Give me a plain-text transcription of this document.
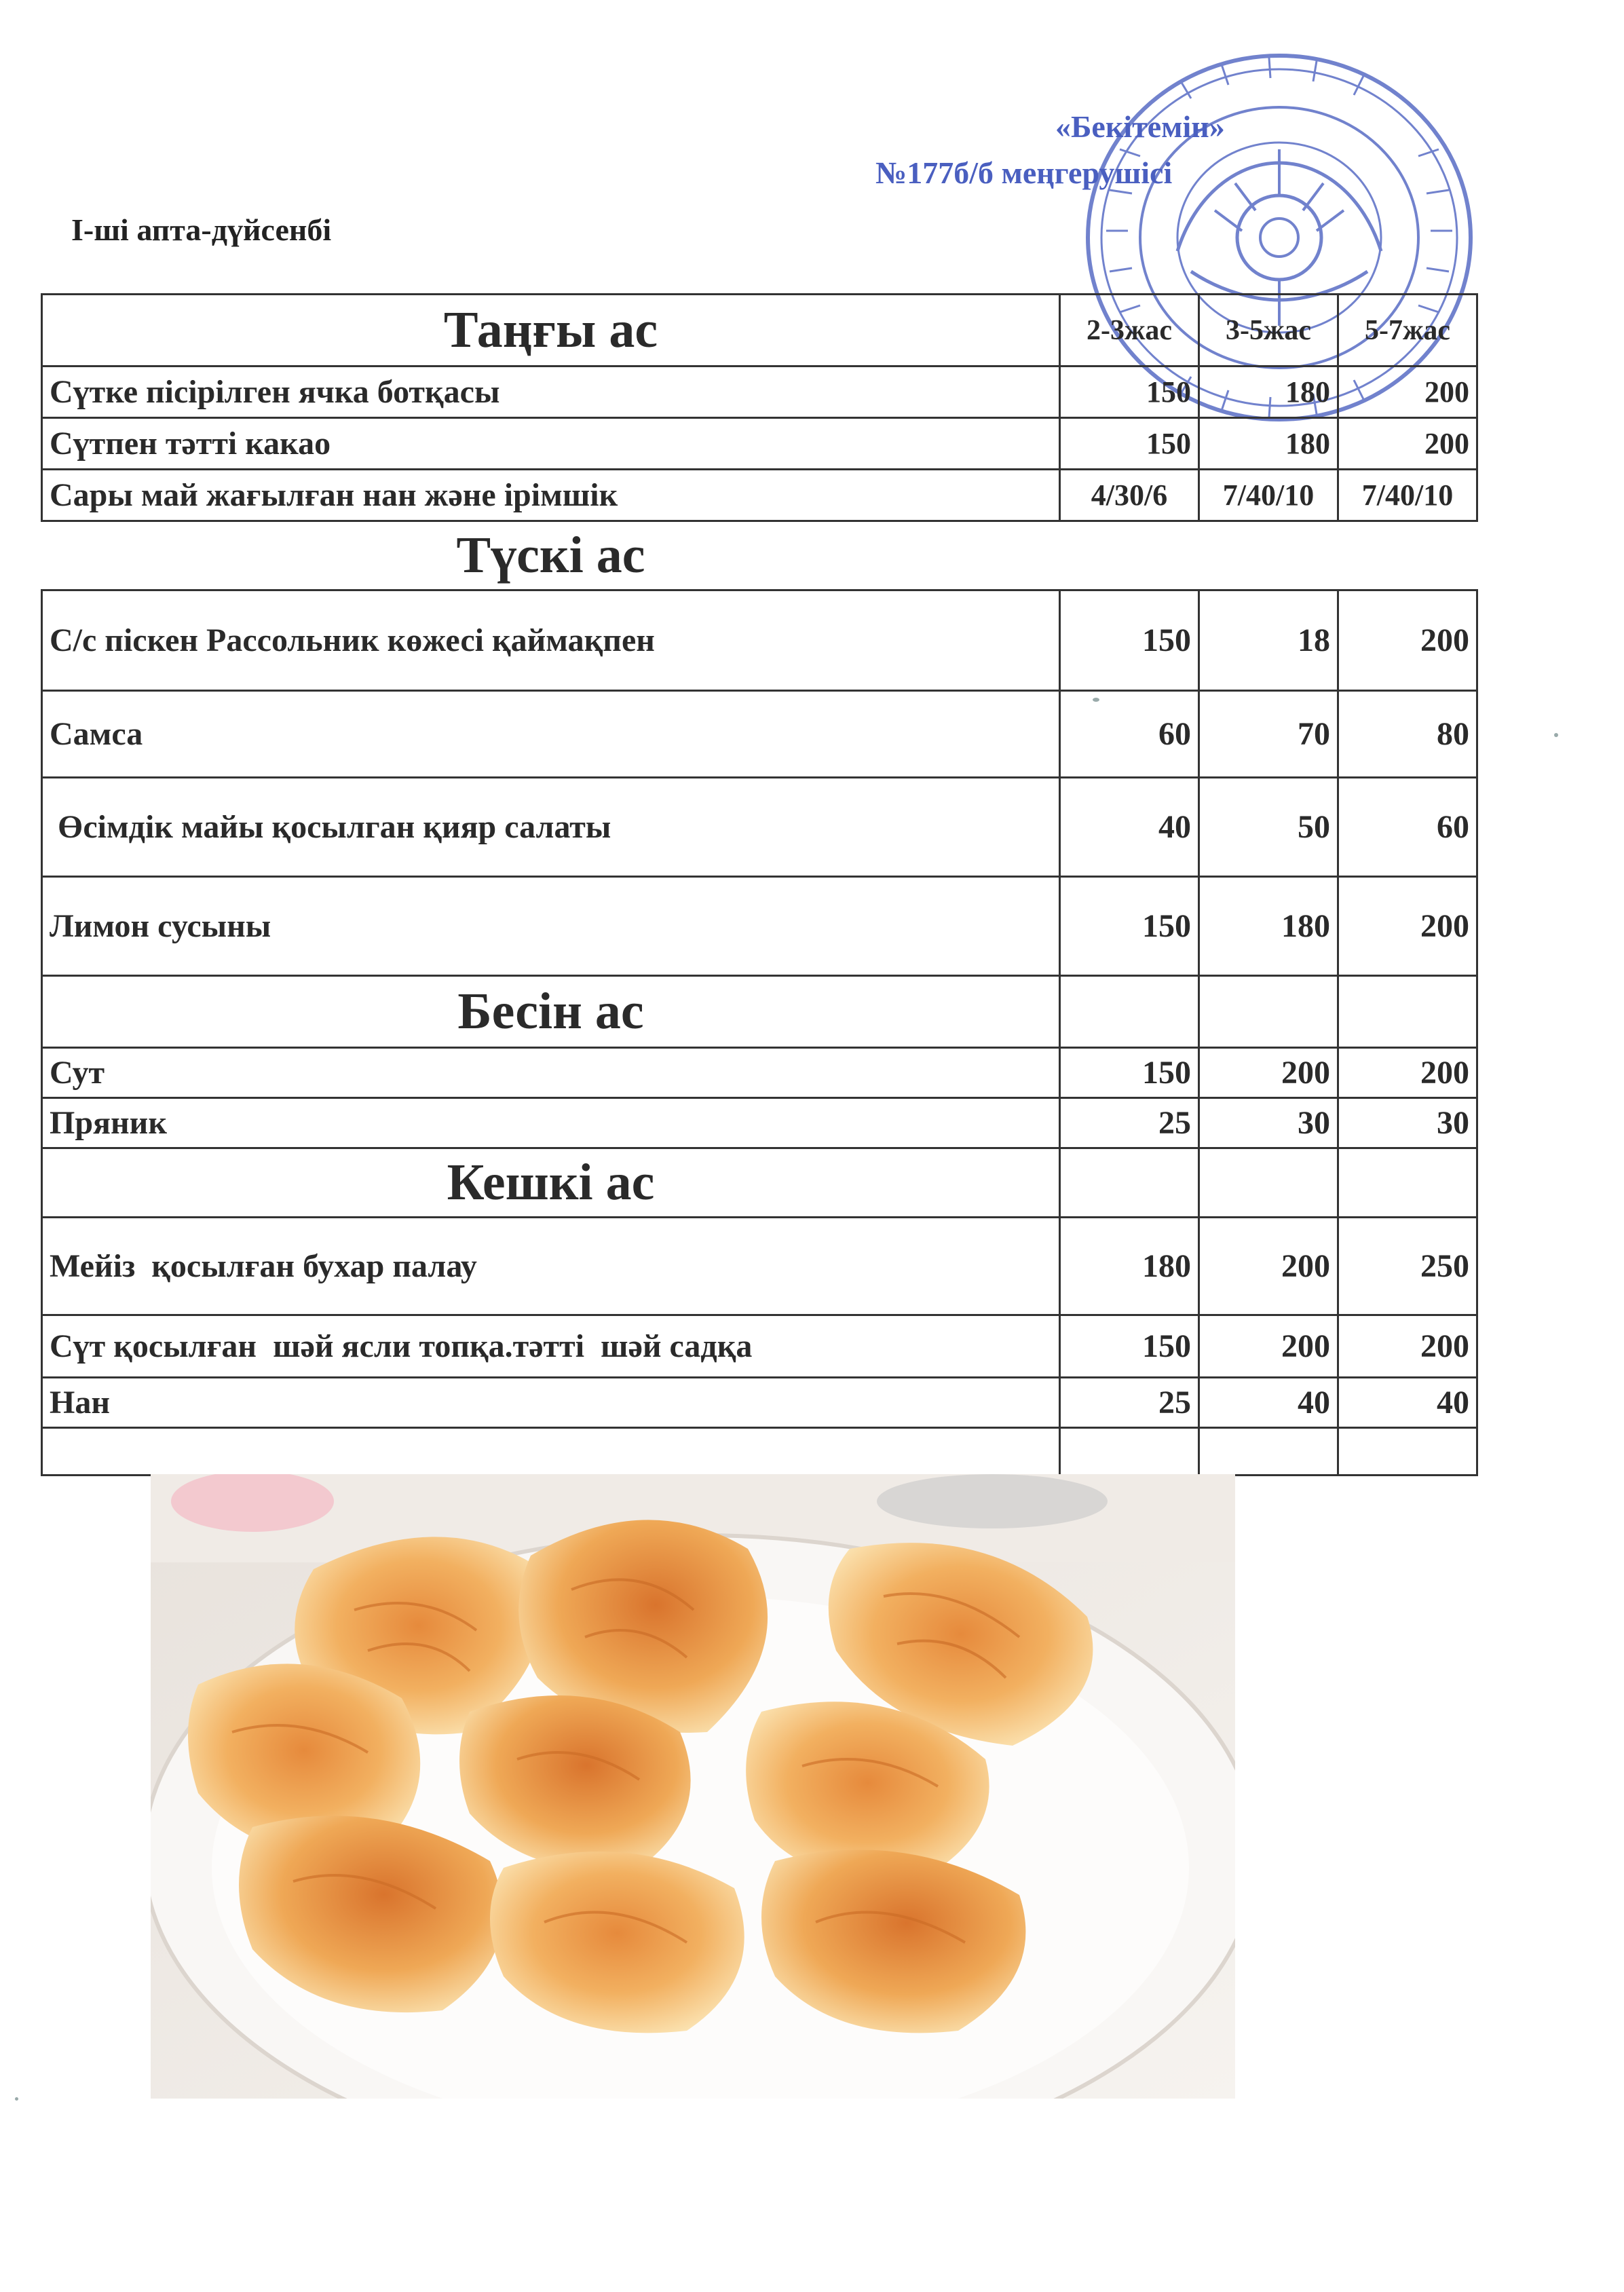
«Бекітемін»
№177б/б меңгерушісі
І-ші апта-дүйсенбі
Таңғы ас	2-3жас	3-5жас	5-7жас
Сүтке пісірілген ячка ботқасы	150	180	200
Сүтпен тәтті какао	150	180	200
Сары май жағылған нан және ірімшік	4/30/6	7/40/10	7/40/10
Түскі ас			
С/с піскен Рассольник көжесі қаймақпен	150	18	200
Самса	60	70	80
Өсімдік майы қосылган қияр салаты	40	50	60
Лимон сусыны	150	180	200
Бесін ас			
Сут	150	200	200
Пряник	25	30	30
Кешкі ас			
Мейіз  қосылған бухар палау	180	200	250
Сүт қосылған  шәй ясли топқа.тәтті  шәй садқа	150	200	200
Нан	25	40	40
